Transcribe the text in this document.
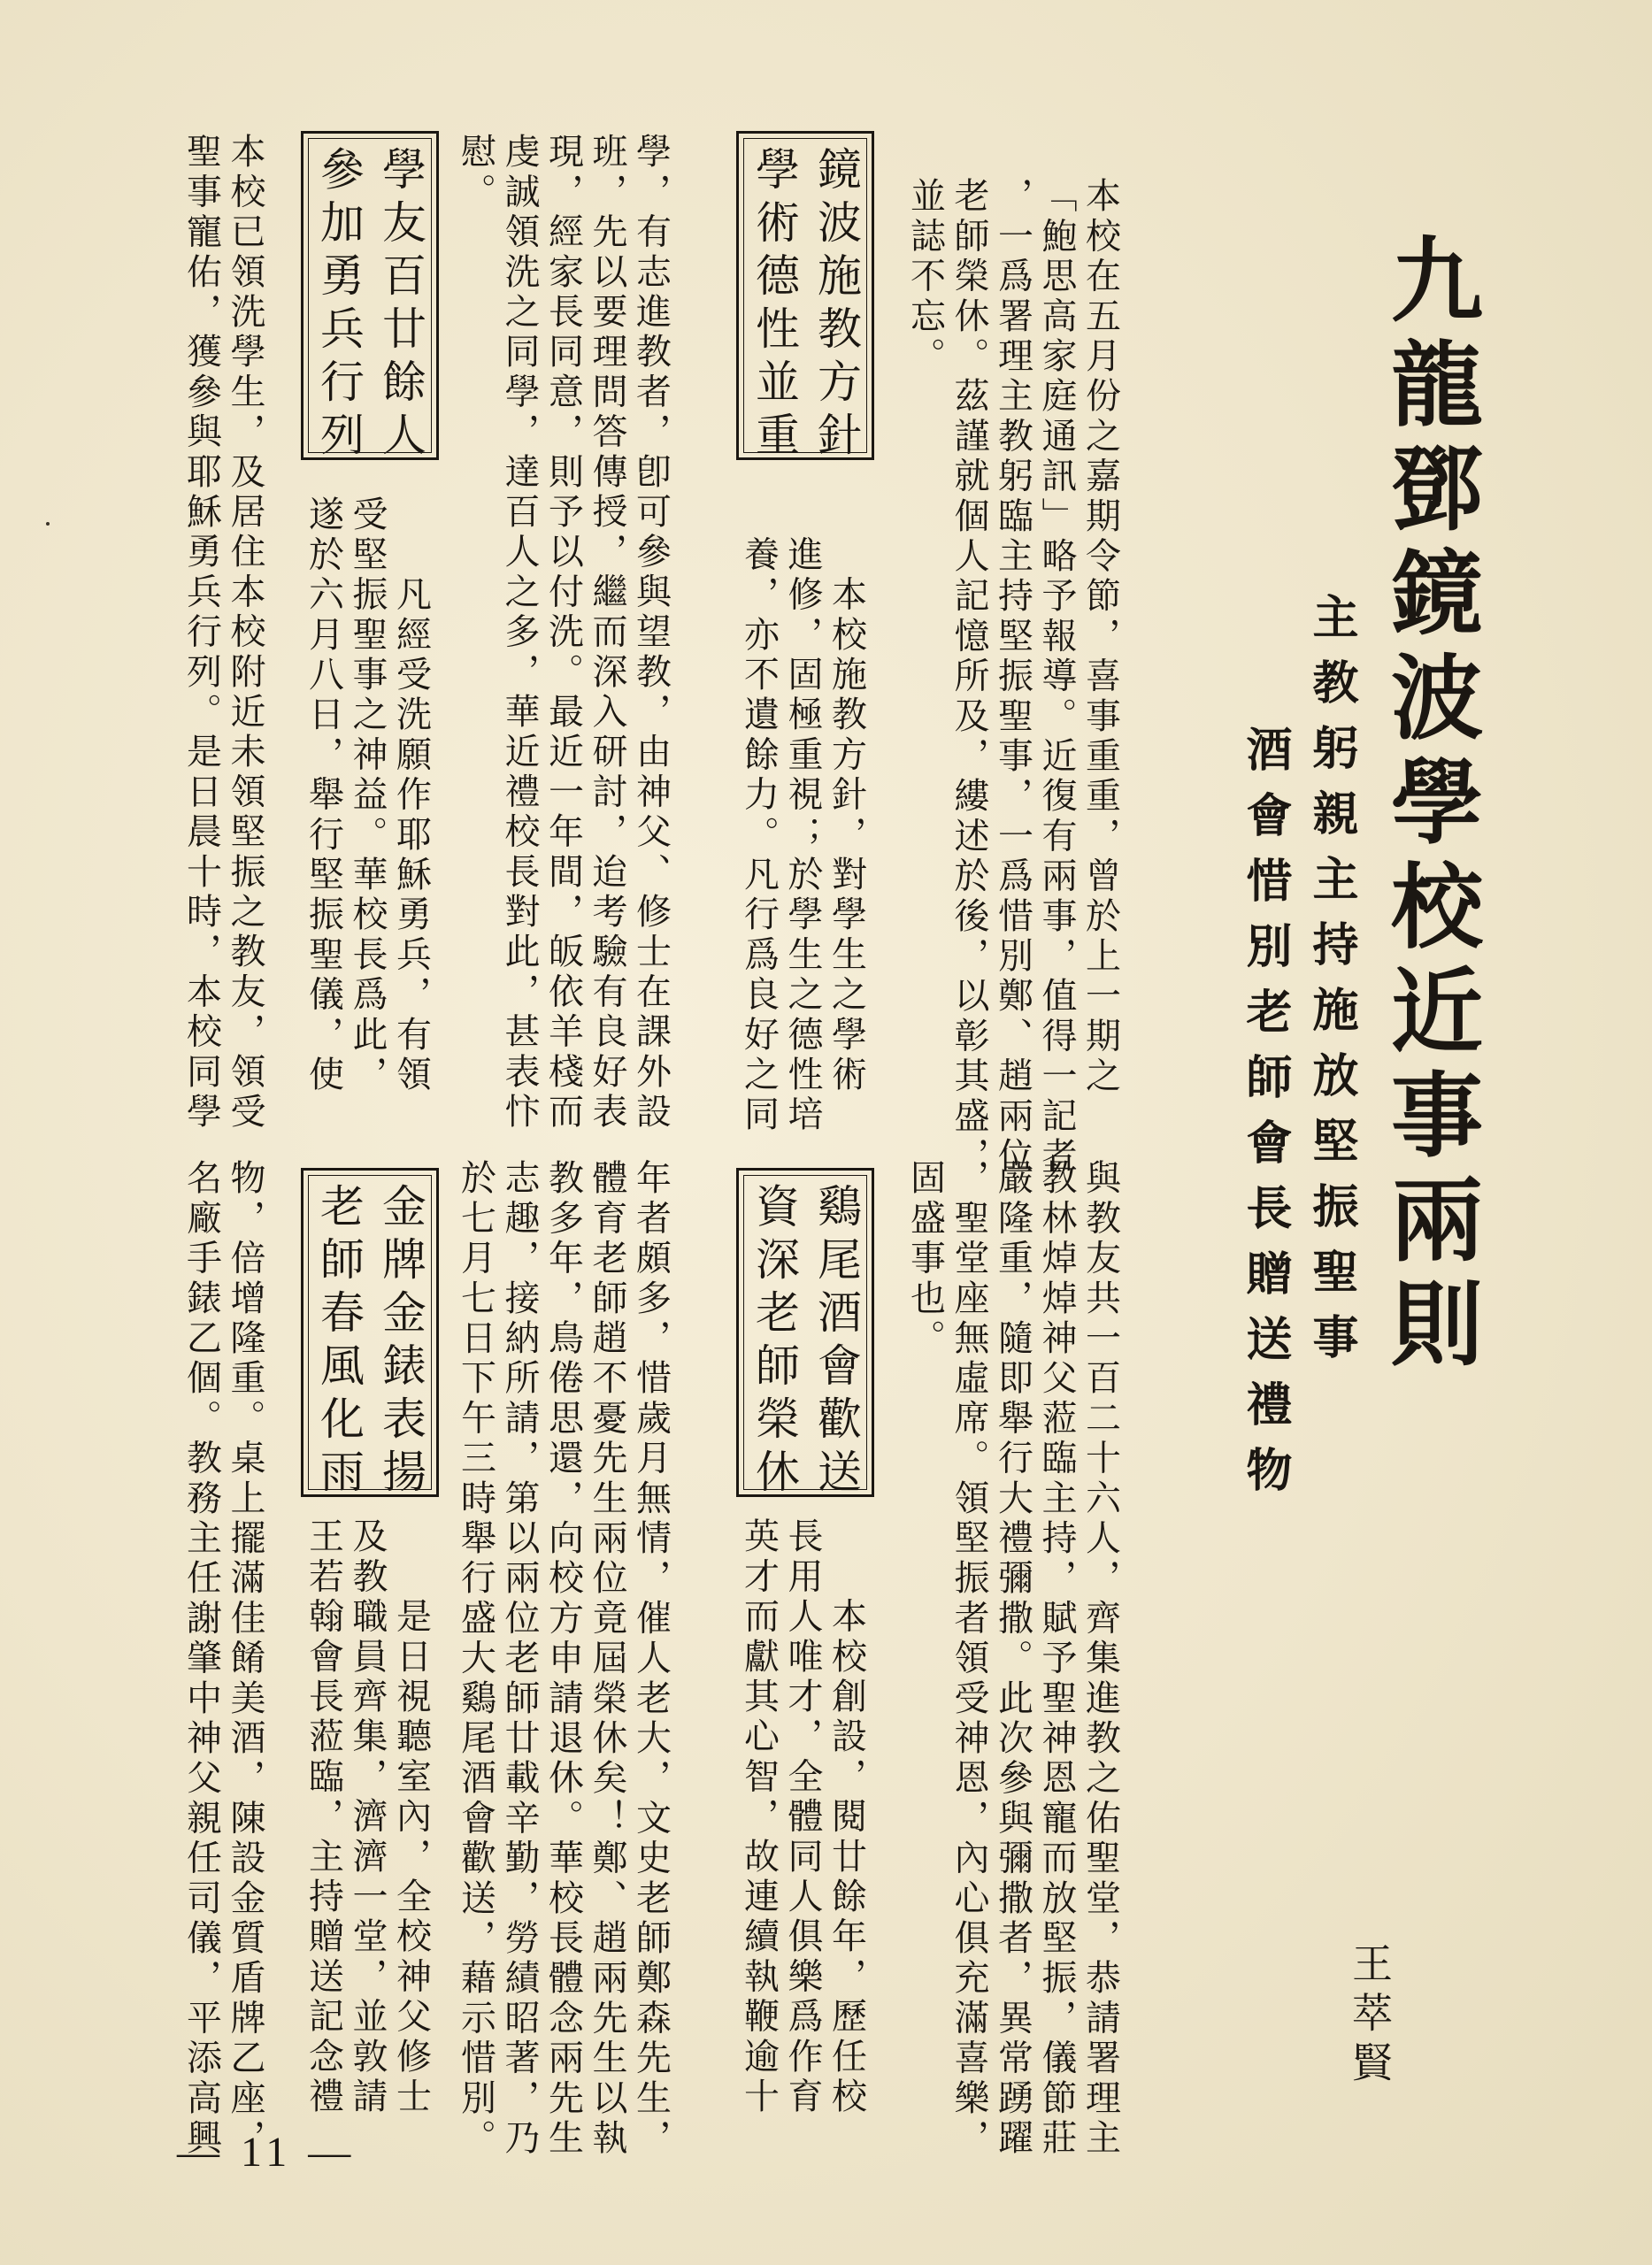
九龍鄧鏡波學校近事兩則
主教躬親主持施放堅振聖事
酒會惜別老師會長贈送禮物
王萃賢
本校在五月份之嘉期令節，喜事重重，曾於上一期之
「鮑思高家庭通訊」略予報導。近復有兩事，值得一記者
，一爲署理主教躬臨主持堅振聖事，一爲惜別鄭、趙兩位
老師榮休。茲謹就個人記憶所及，縷述於後，以彰其盛，
並誌不忘。
鏡波施教方針
學術德性並重
　　本校施教方針，對學生之學術
　進修，固極重視；於學生之德性培
　養，亦不遺餘力。凡行爲良好之同
學，有志進教者，卽可參與望教，由神父、修士在課外設
班，先以要理問答傳授，繼而深入研討，迨考驗有良好表
現，經家長同意，則予以付洗。最近一年間，皈依羊棧而
虔誠領洗之同學，達百人之多，華近禮校長對此，甚表忭
慰。
學友百廿餘人
參加勇兵行列
　　凡經受洗願作耶穌勇兵，有領
受堅振聖事之神益。華校長爲此，
遂於六月八日，舉行堅振聖儀，使
本校已領洗學生，及居住本校附近未領堅振之教友，領受
聖事寵佑，獲參與耶穌勇兵行列。是日晨十時，本校同學
與教友共一百二十六人，齊集進教之佑聖堂，恭請署理主
教林焯焯神父蒞臨主持，賦予聖神恩寵而放堅振，儀節莊
嚴隆重，隨即舉行大禮彌撒。此次參與彌撒者，異常踴躍
，聖堂座無虛席。領堅振者領受神恩，內心俱充滿喜樂，
固盛事也。
鷄尾酒會歡送
資深老師榮休
　　本校創設，閱廿餘年，歷任校
長用人唯才，全體同人俱樂爲作育
英才而獻其心智，故連續執鞭逾十
年者頗多，惜歲月無情，催人老大，文史老師鄭森先生，
體育老師趙不憂先生兩位竟屆榮休矣！鄭、趙兩先生以執
教多年，鳥倦思還，向校方申請退休。華校長體念兩先生
志趣，接納所請，第以兩位老師廿載辛勤，勞績昭著，乃
於七月七日下午三時舉行盛大鷄尾酒會歡送，藉示惜別。
金牌金錶表揚
老師春風化雨
　　是日視聽室內，全校神父修士
及教職員齊集，濟濟一堂，並敦請
王若翰會長蒞臨，主持贈送記念禮
物，倍增隆重。桌上擺滿佳餚美酒，陳設金質盾牌乙座，
名廠手錶乙個。教務主任謝肇中神父親任司儀，平添高興
— 11 —
